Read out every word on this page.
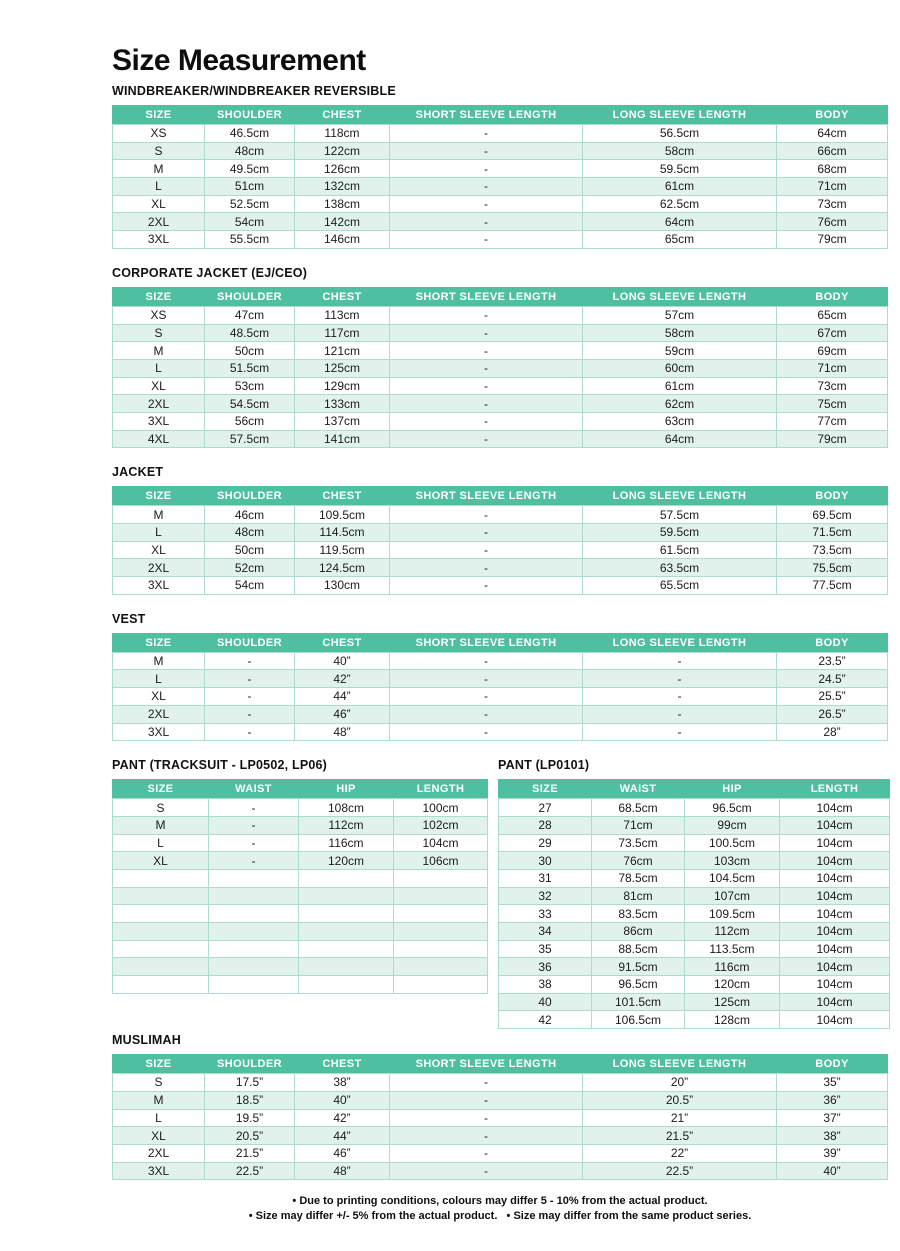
Size Measurement
WINDBREAKER/WINDBREAKER REVERSIBLE
SIZE	SHOULDER	CHEST	SHORT SLEEVE LENGTH	LONG SLEEVE LENGTH	BODY
XS	46.5cm	118cm	-	56.5cm	64cm
S	48cm	122cm	-	58cm	66cm
M	49.5cm	126cm	-	59.5cm	68cm
L	51cm	132cm	-	61cm	71cm
XL	52.5cm	138cm	-	62.5cm	73cm
2XL	54cm	142cm	-	64cm	76cm
3XL	55.5cm	146cm	-	65cm	79cm
CORPORATE JACKET (EJ/CEO)
SIZE	SHOULDER	CHEST	SHORT SLEEVE LENGTH	LONG SLEEVE LENGTH	BODY
XS	47cm	113cm	-	57cm	65cm
S	48.5cm	117cm	-	58cm	67cm
M	50cm	121cm	-	59cm	69cm
L	51.5cm	125cm	-	60cm	71cm
XL	53cm	129cm	-	61cm	73cm
2XL	54.5cm	133cm	-	62cm	75cm
3XL	56cm	137cm	-	63cm	77cm
4XL	57.5cm	141cm	-	64cm	79cm
JACKET
SIZE	SHOULDER	CHEST	SHORT SLEEVE LENGTH	LONG SLEEVE LENGTH	BODY
M	46cm	109.5cm	-	57.5cm	69.5cm
L	48cm	114.5cm	-	59.5cm	71.5cm
XL	50cm	119.5cm	-	61.5cm	73.5cm
2XL	52cm	124.5cm	-	63.5cm	75.5cm
3XL	54cm	130cm	-	65.5cm	77.5cm
VEST
SIZE	SHOULDER	CHEST	SHORT SLEEVE LENGTH	LONG SLEEVE LENGTH	BODY
M	-	40”	-	-	23.5”
L	-	42”	-	-	24.5”
XL	-	44”	-	-	25.5”
2XL	-	46”	-	-	26.5”
3XL	-	48”	-	-	28”
PANT (TRACKSUIT - LP0502, LP06)
SIZE	WAIST	HIP	LENGTH
S	-	108cm	100cm
M	-	112cm	102cm
L	-	116cm	104cm
XL	-	120cm	106cm

PANT (LP0101)
SIZE	WAIST	HIP	LENGTH
27	68.5cm	96.5cm	104cm
28	71cm	99cm	104cm
29	73.5cm	100.5cm	104cm
30	76cm	103cm	104cm
31	78.5cm	104.5cm	104cm
32	81cm	107cm	104cm
33	83.5cm	109.5cm	104cm
34	86cm	112cm	104cm
35	88.5cm	113.5cm	104cm
36	91.5cm	116cm	104cm
38	96.5cm	120cm	104cm
40	101.5cm	125cm	104cm
42	106.5cm	128cm	104cm
MUSLIMAH
SIZE	SHOULDER	CHEST	SHORT SLEEVE LENGTH	LONG SLEEVE LENGTH	BODY
S	17.5”	38”	-	20”	35”
M	18.5”	40”	-	20.5”	36”
L	19.5”	42”	-	21”	37”
XL	20.5”	44”	-	21.5”	38”
2XL	21.5”	46”	-	22”	39”
3XL	22.5”	48”	-	22.5”	40”
• Due to printing conditions, colours may differ 5 - 10% from the actual product.
• Size may differ +/- 5% from the actual product.   • Size may differ from the same product series.
